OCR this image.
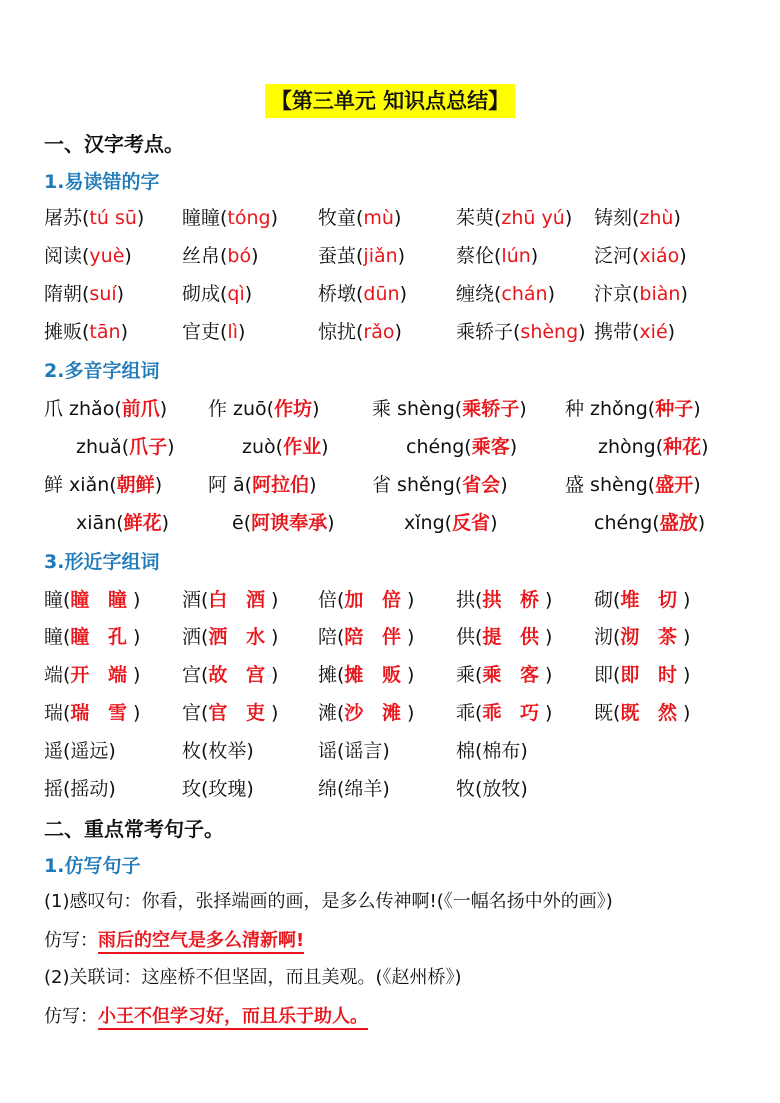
【第三单元 知识点总结】
一、汉字考点。
1.易读错的字
屠苏(tú sū) 瞳瞳(tóng) 牧童(mù)	茱萸(zhū yú) 铸刻(zhù)
阅读(yuè)	丝帛(bó)	蚕茧(jiǎn)	蔡伦(lún)	泛河(xiáo)
隋朝(suí)	砌成(qì)	桥墩(dūn)	缠绕(chán) 汴京(biàn)
摊贩(tān)	官吏(lì)	惊扰(rǎo)	乘轿子(shèng) 携带(xié)
2.多音字组词
爪 zhǎo(前爪) 作 zuō(作坊)	乘 shèng(乘轿子) 种 zhǒng(种子)
zhuǎ(爪子)	zuò(作业)	chéng(乘客)	zhòng(种花)
鲜 xiǎn(朝鲜) 阿 ā(阿拉伯)	省 shěng(省会)	盛 shèng(盛开)
xiān(鲜花)	ē(阿谀奉承)	xǐng(反省)	chéng(盛放)
3.形近字组词
瞳(瞳 瞳) 酒(白 酒) 倍(加 倍) 拱(拱 桥) 砌(堆 切)
瞳(瞳 孔) 洒(洒 水) 陪(陪 伴) 供(提 供) 沏(沏 茶)
端(开 端) 宫(故 宫) 摊(摊 贩) 乘(乘 客) 即(即 时)
瑞(瑞 雪) 官(官 吏) 滩(沙 滩) 乖(乖 巧) 既(既 然)
遥(遥远)	枚(枚举)	谣(谣言)	棉(棉布)
摇(摇动)	玫(玫瑰)	绵(绵羊)	牧(放牧)
二、重点常考句子。
1.仿写句子
(1)感叹句：你看，张择端画的画，是多么传神啊!(《一幅名扬中外的画》)
仿写：雨后的空气是多么清新啊!
(2)关联词：这座桥不但坚固，而且美观。(《赵州桥》)
仿写：小王不但学习好，而且乐于助人。
